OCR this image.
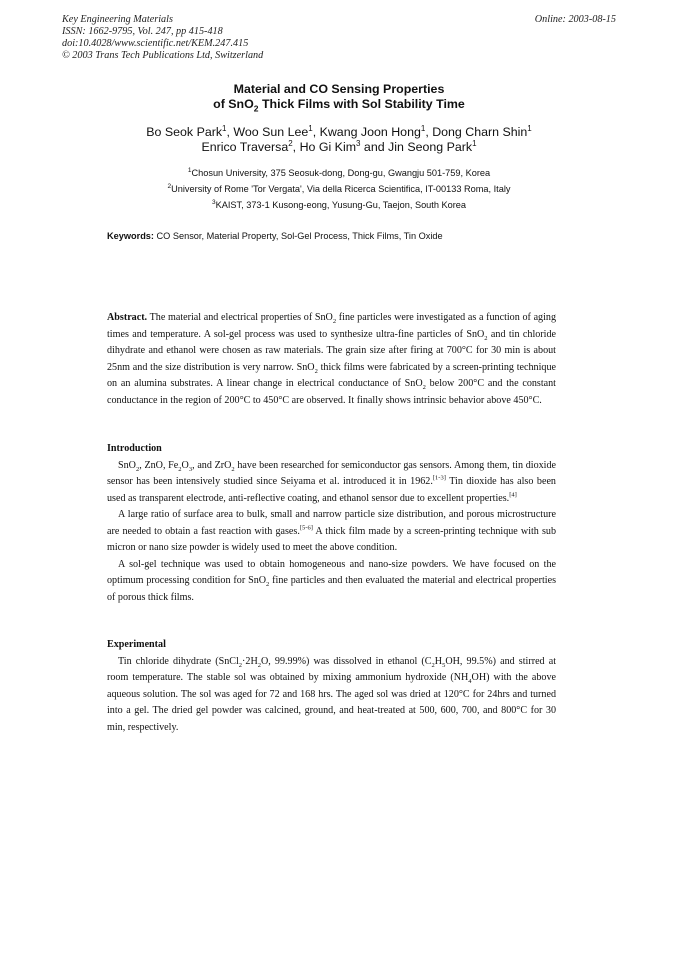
Key Engineering Materials
ISSN: 1662-9795, Vol. 247, pp 415-418
doi:10.4028/www.scientific.net/KEM.247.415
© 2003 Trans Tech Publications Ltd, Switzerland
Online: 2003-08-15
Material and CO Sensing Properties
of SnO$_2$ Thick Films with Sol Stability Time
Bo Seok Park$^1$, Woo Sun Lee$^1$, Kwang Joon Hong$^1$, Dong Charn Shin$^1$
Enrico Traversa$^2$, Ho Gi Kim$^3$ and Jin Seong Park$^1$
$^1$Chosun University, 375 Seosuk-dong, Dong-gu, Gwangju 501-759, Korea
$^2$University of Rome 'Tor Vergata', Via della Ricerca Scientifica, IT-00133 Roma, Italy
$^3$KAIST, 373-1 Kusong-eong, Yusung-Gu, Taejon, South Korea
Keywords: CO Sensor, Material Property, Sol-Gel Process, Thick Films, Tin Oxide

Abstract. The material and electrical properties of SnO$_2$ fine particles were investigated as a function of aging times and temperature. A sol-gel process was used to synthesize ultra-fine particles of SnO$_2$ and tin chloride dihydrate and ethanol were chosen as raw materials. The grain size after firing at 700°C for 30 min is about 25nm and the size distribution is very narrow. SnO$_2$ thick films were fabricated by a screen-printing technique on an alumina substrates. A linear change in electrical conductance of SnO$_2$ below 200°C and the constant conductance in the region of 200°C to 450°C are observed. It finally shows intrinsic behavior above 450°C.

Introduction

SnO$_2$, ZnO, $Fe_2O_3$, and ZrO$_2$ have been researched for semiconductor gas sensors. Among them, tin dioxide sensor has been intensively studied since Seiyama et al. introduced it in 1962.[1-3] Tin dioxide has also been used as transparent electrode, anti-reflective coating, and ethanol sensor due to excellent properties.[4]

A large ratio of surface area to bulk, small and narrow particle size distribution, and porous microstructure are needed to obtain a fast reaction with gases.[5-6] A thick film made by a screen-printing technique with sub micron or nano size powder is widely used to meet the above condition.

A sol-gel technique was used to obtain homogeneous and nano-size powders. We have focused on the optimum processing condition for SnO$_2$ fine particles and then evaluated the material and electrical properties of porous thick films.

Experimental

Tin chloride dihydrate ($SnCl_2\cdot 2H_2O$, 99.99%) was dissolved in ethanol ($C_2H_5OH$, 99.5%) and stirred at room temperature. The stable sol was obtained by mixing ammonium hydroxide $(NH_4OH)$ with the above aqueous solution. The sol was aged for 72 and 168 hrs. The aged sol was dried at 120°C for 24hrs and turned into a gel. The dried gel powder was calcined, ground, and heat-treated at 500, 600, 700, and 800°C for 30 min, respectively.
